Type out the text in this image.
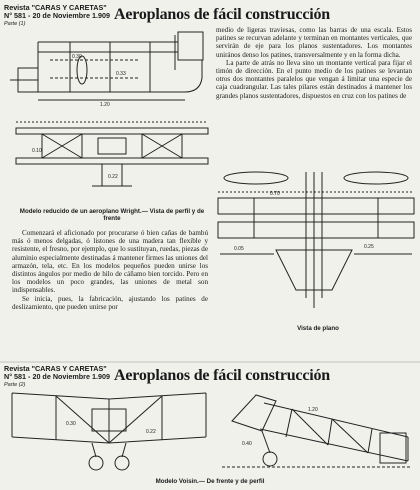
Revista "CARAS Y CARETAS"
N° 581 - 20 de Noviembre 1.909
Parte (1)
Aeroplanos de fácil construcción
0.30
0.33
1.20
0.10
0.22
Modelo reducido de un aeroplano Wright.— Vista de perfil y de frente

Comenzará el aficionado por procurarse ó bien cañas de bambú más ó menos delgadas, ó listones de una madera tan flexible y resistente, el fresno, por ejemplo, que lo sustituyan, ruedas, piezas de aluminio especialmente destinadas á mantener firmes las uniones del armazón, tela, etc. En los modelos pequeños pueden unirse los distintos ángulos por medio de hilo de cáñamo bien torcido. Pero en los modelos un poco grandes, las uniones de metal son indispensables.

Se inicia, pues, la fabricación, ajustando los patines de deslizamiento, que pueden unirse por

medio de ligeras traviesas, como las barras de una escala. Estos patines se recurvan adelante y terminan en montantes verticales, que servirán de eje para los planos sustentadores. Los montantes unirános denso los patines, transversalmente y en la forma dicha.

La parte de atrás no lleva sino un montante vertical para fijar el timón de dirección. En el punto medio de los patines se levantan otros dos montantes paralelos que vengan á limitar una especie de caja cuadrangular. Las tales pilares están destinados á mantener los grandes planos sustentadores, dispuestos en cruz con los patines de

0.70
0.25
0.05
Vista de plano
Revista "CARAS Y CARETAS"
N° 581 - 20 de Noviembre 1.909
Parte (2)
Aeroplanos de fácil construcción
0.30
0.22
1.20
0.40
Modelo Voisin.— De frente y de perfil
